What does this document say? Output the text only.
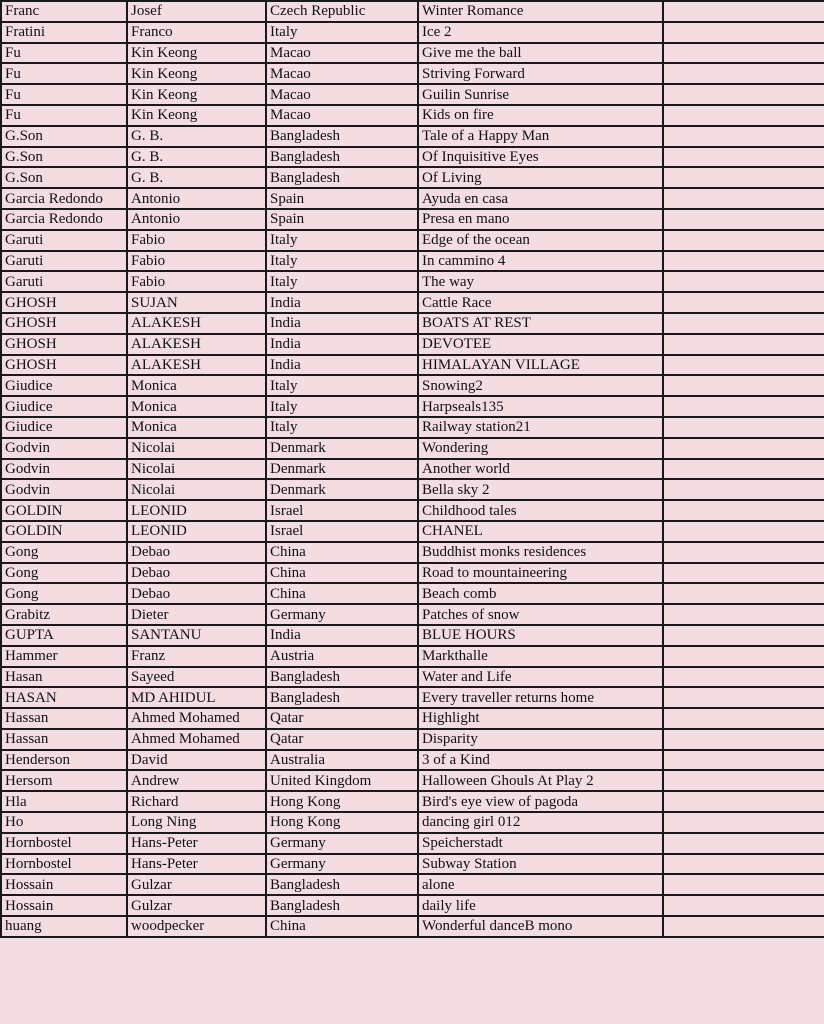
Franc	Josef	Czech Republic	Winter Romance	
Fratini	Franco	Italy	Ice 2	
Fu	Kin Keong	Macao	Give me the ball	
Fu	Kin Keong	Macao	Striving Forward	
Fu	Kin Keong	Macao	Guilin Sunrise	
Fu	Kin Keong	Macao	Kids on fire	
G.Son	G. B.	Bangladesh	Tale of a Happy Man	
G.Son	G. B.	Bangladesh	Of Inquisitive Eyes	
G.Son	G. B.	Bangladesh	Of Living	
Garcia Redondo	Antonio	Spain	Ayuda en casa	
Garcia Redondo	Antonio	Spain	Presa en mano	
Garuti	Fabio	Italy	Edge of the ocean	
Garuti	Fabio	Italy	In cammino 4	
Garuti	Fabio	Italy	The way	
GHOSH	SUJAN	India	Cattle Race	
GHOSH	ALAKESH	India	BOATS AT REST	
GHOSH	ALAKESH	India	DEVOTEE	
GHOSH	ALAKESH	India	HIMALAYAN VILLAGE	
Giudice	Monica	Italy	Snowing2	
Giudice	Monica	Italy	Harpseals135	
Giudice	Monica	Italy	Railway station21	
Godvin	Nicolai	Denmark	Wondering	
Godvin	Nicolai	Denmark	Another world	
Godvin	Nicolai	Denmark	Bella sky 2	
GOLDIN	LEONID	Israel	Childhood tales	
GOLDIN	LEONID	Israel	CHANEL	
Gong	Debao	China	Buddhist monks residences	
Gong	Debao	China	Road to mountaineering	
Gong	Debao	China	Beach comb	
Grabitz	Dieter	Germany	Patches of snow	
GUPTA	SANTANU	India	BLUE HOURS	
Hammer	Franz	Austria	Markthalle	
Hasan	Sayeed	Bangladesh	Water and Life	
HASAN	MD AHIDUL	Bangladesh	Every traveller returns home	
Hassan	Ahmed Mohamed	Qatar	Highlight	
Hassan	Ahmed Mohamed	Qatar	Disparity	
Henderson	David	Australia	3 of a Kind	
Hersom	Andrew	United Kingdom	Halloween Ghouls At Play 2	
Hla	Richard	Hong Kong	Bird's eye view of pagoda	
Ho	Long Ning	Hong Kong	dancing girl 012	
Hornbostel	Hans-Peter	Germany	Speicherstadt	
Hornbostel	Hans-Peter	Germany	Subway Station	
Hossain	Gulzar	Bangladesh	alone	
Hossain	Gulzar	Bangladesh	daily life	
huang	woodpecker	China	Wonderful danceB mono	
